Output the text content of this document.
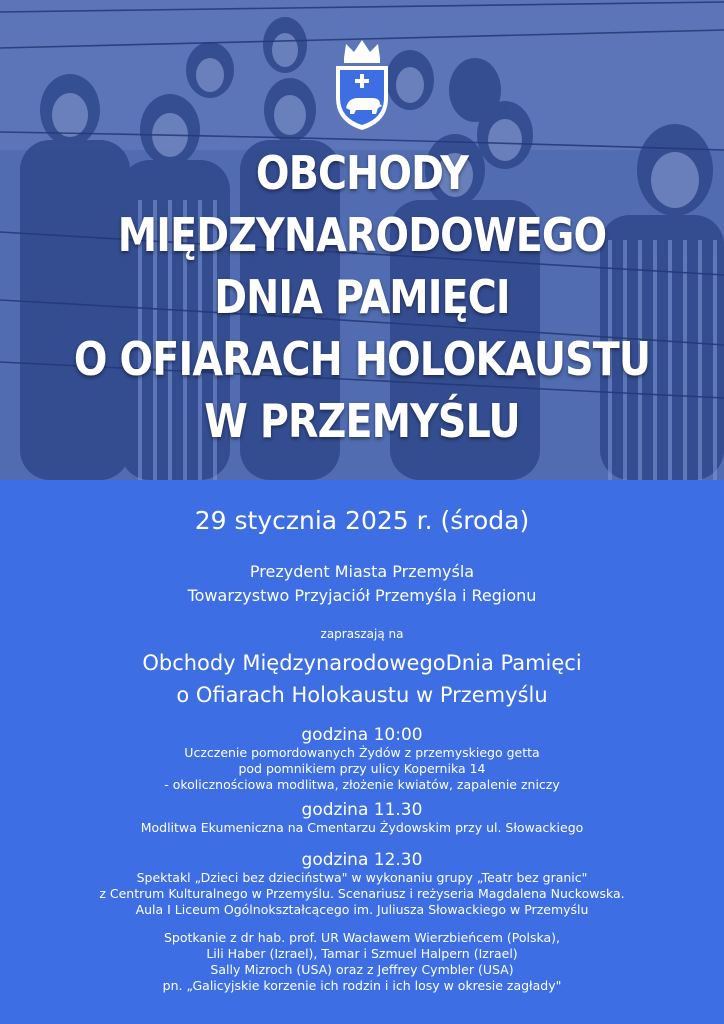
OBCHODY
MIĘDZYNARODOWEGO
DNIA PAMIĘCI
O OFIARACH HOLOKAUSTU
W PRZEMYŚLU
29 stycznia 2025 r. (środa)
Prezydent Miasta Przemyśla
Towarzystwo Przyjaciół Przemyśla i Regionu
zapraszają na
Obchody MiędzynarodowegoDnia Pamięci
o Ofiarach Holokaustu w Przemyślu
godzina 10:00
Uczczenie pomordowanych Żydów z przemyskiego getta
pod pomnikiem przy ulicy Kopernika 14
- okolicznościowa modlitwa, złożenie kwiatów, zapalenie zniczy
godzina 11.30
Modlitwa Ekumeniczna na Cmentarzu Żydowskim przy ul. Słowackiego
godzina 12.30
Spektakl „Dzieci bez dzieciństwa" w wykonaniu grupy „Teatr bez granic"
z Centrum Kulturalnego w Przemyślu. Scenariusz i reżyseria Magdalena Nuckowska.
Aula I Liceum Ogólnokształcącego im. Juliusza Słowackiego w Przemyślu
Spotkanie z dr hab. prof. UR Wacławem Wierzbieńcem (Polska),
Lili Haber (Izrael), Tamar i Szmuel Halpern (Izrael)
Sally Mizroch (USA) oraz z Jeffrey Cymbler (USA)
pn. „Galicyjskie korzenie ich rodzin i ich losy w okresie zagłady"
